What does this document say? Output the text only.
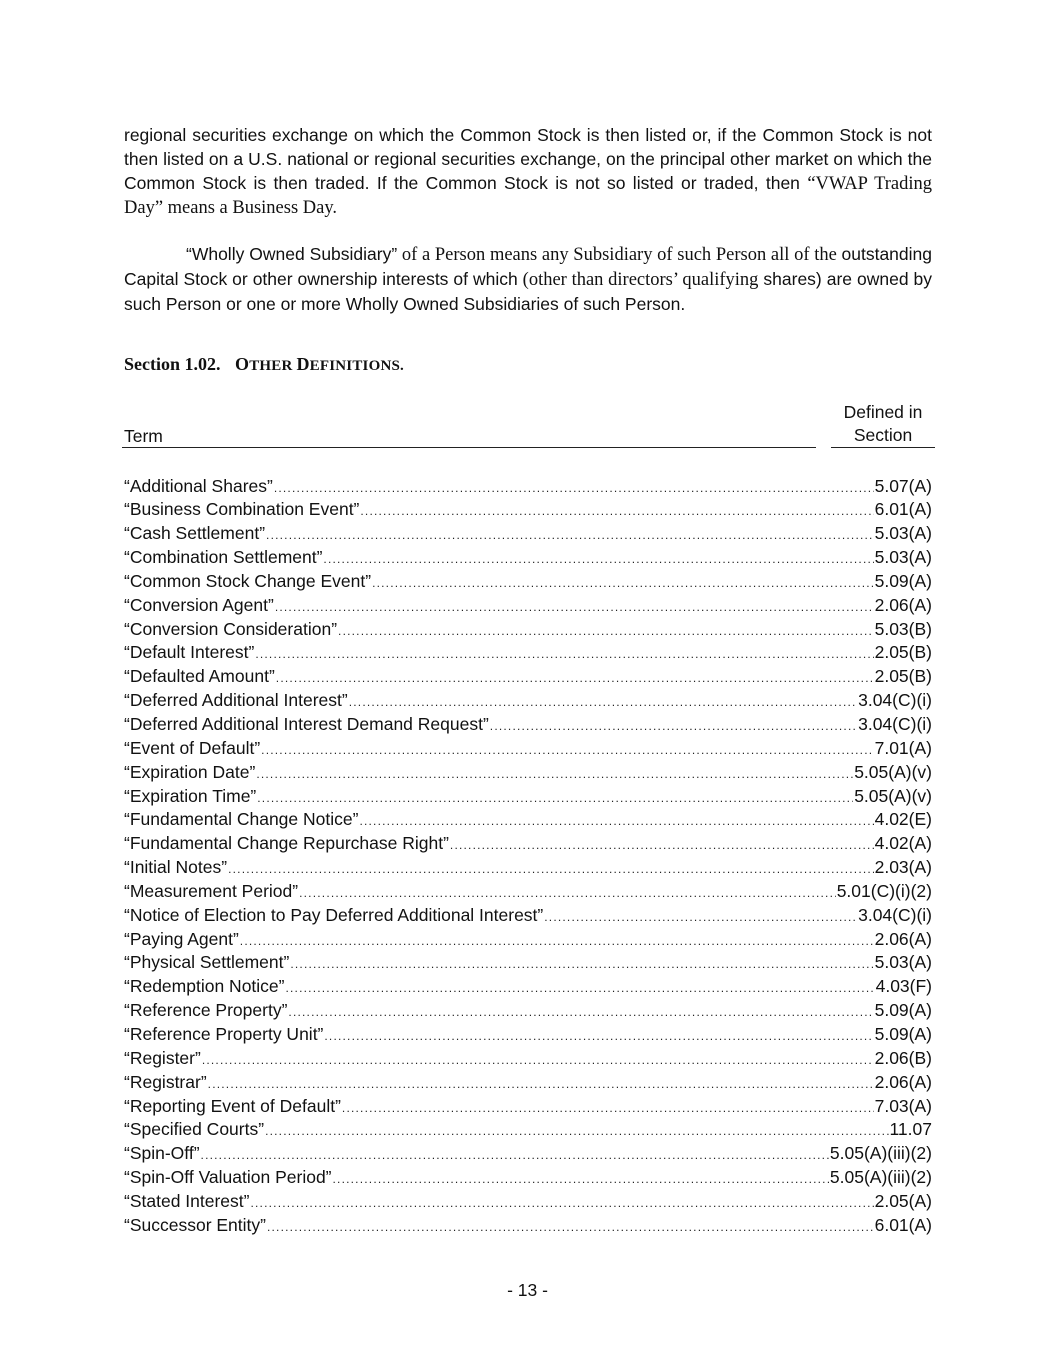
regional securities exchange on which the Common Stock is then listed or, if the Common Stock is not then listed on a U.S. national or regional securities exchange, on the principal other market on which the Common Stock is then traded. If the Common Stock is not so listed or traded, then “VWAP Trading Day” means a Business Day.

“Wholly Owned Subsidiary” of a Person means any Subsidiary of such Person all of the outstanding Capital Stock or other ownership interests of which (other than directors’ qualifying shares) are owned by such Person or one or more Wholly Owned Subsidiaries of such Person.

Section 1.02. OTHER DEFINITIONS.
Term
Defined in
Section
“Additional Shares” .....	5.07(A)
“Business Combination Event” .....	6.01(A)
“Cash Settlement” .....	5.03(A)
“Combination Settlement” .....	5.03(A)
“Common Stock Change Event” .....	5.09(A)
“Conversion Agent” .....	2.06(A)
“Conversion Consideration” .....	5.03(B)
“Default Interest” .....	2.05(B)
“Defaulted Amount” .....	2.05(B)
“Deferred Additional Interest” .....	3.04(C)(i)
“Deferred Additional Interest Demand Request” .....	3.04(C)(i)
“Event of Default” .....	7.01(A)
“Expiration Date” .....	5.05(A)(v)
“Expiration Time” .....	5.05(A)(v)
“Fundamental Change Notice” .....	4.02(E)
“Fundamental Change Repurchase Right” .....	4.02(A)
“Initial Notes” .....	2.03(A)
“Measurement Period” .....	5.01(C)(i)(2)
“Notice of Election to Pay Deferred Additional Interest” .....	3.04(C)(i)
“Paying Agent” .....	2.06(A)
“Physical Settlement” .....	5.03(A)
“Redemption Notice” .....	4.03(F)
“Reference Property” .....	5.09(A)
“Reference Property Unit” .....	5.09(A)
“Register” .....	2.06(B)
“Registrar” .....	2.06(A)
“Reporting Event of Default” .....	7.03(A)
“Specified Courts” .....	11.07
“Spin-Off” .....	5.05(A)(iii)(2)
“Spin-Off Valuation Period” .....	5.05(A)(iii)(2)
“Stated Interest” .....	2.05(A)
“Successor Entity” .....	6.01(A)
- 13 -
